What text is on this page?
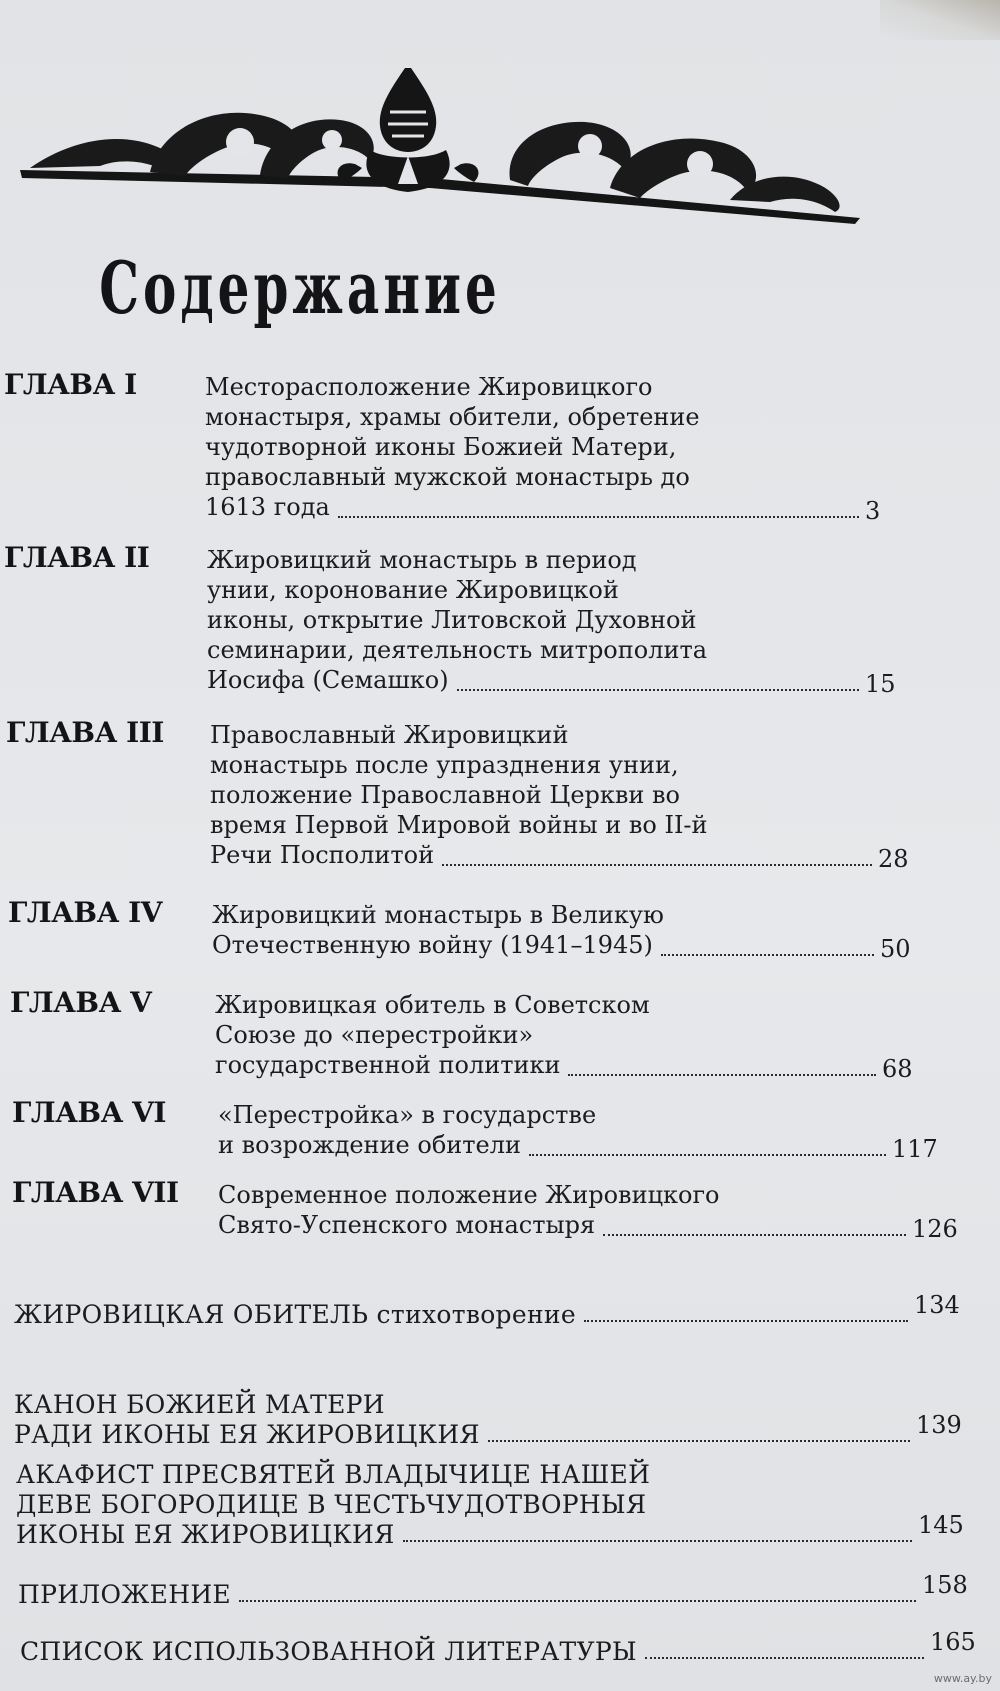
Содержание
ГЛАВА I	Месторасположение Жировицкого
монастыря, храмы обители, обретение
чудотворной иконы Божией Матери,
православный мужской монастырь до
1613 года	3
ГЛАВА II Жировицкий монастырь в период
унии, коронование Жировицкой
иконы, открытие Литовской Духовной
семинарии, деятельность митрополита
Иосифа (Семашко)	15
ГЛАВА III Православный Жировицкий
монастырь после упразднения унии,
положение Православной Церкви во
время Первой Мировой войны и во II-й
Речи Посполитой	28
ГЛАВА IV Жировицкий монастырь в Великую
Отечественную войну (1941–1945)	50
ГЛАВА V	Жировицкая обитель в Советском
Союзе до «перестройки»
государственной политики	68
ГЛАВА VI «Перестройка» в государстве
и возрождение обители	117
ГЛАВА VII Современное положение Жировицкого
Свято-Успенского монастыря	126
ЖИРОВИЦКАЯ ОБИТЕЛЬ стихотворение	134
КАНОН БОЖИЕЙ МАТЕРИ
РАДИ ИКОНЫ ЕЯ ЖИРОВИЦКИЯ	139
АКАФИСТ ПРЕСВЯТЕЙ ВЛАДЫЧИЦЕ НАШЕЙ
ДЕВЕ БОГОРОДИЦЕ В ЧЕСТЬЧУДОТВОРНЫЯ
ИКОНЫ ЕЯ ЖИРОВИЦКИЯ	145
ПРИЛОЖЕНИЕ	158
СПИСОК ИСПОЛЬЗОВАННОЙ ЛИТЕРАТУРЫ	165
www.ay.by
